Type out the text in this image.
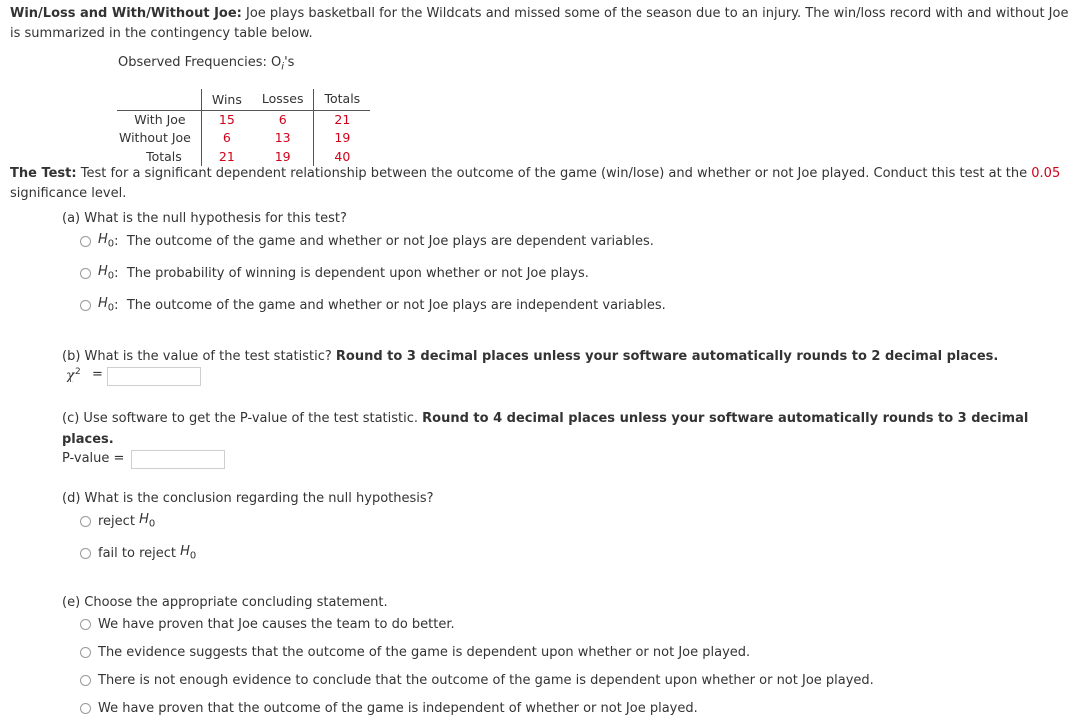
Win/Loss and With/Without Joe: Joe plays basketball for the Wildcats and missed some of the season due to an injury. The win/loss record with and without Joe is summarized in the contingency table below.
Observed Frequencies: $O_i's$
	Wins	Losses	Totals
With Joe	15	6	21
Without Joe	6	13	19
Totals	21	19	40
The Test: Test for a significant dependent relationship between the outcome of the game (win/lose) and whether or not Joe played. Conduct this test at the 0.05 significance level.
(a) What is the null hypothesis for this test?
$H_0$ :
The outcome of the game and whether or not Joe plays are dependent variables.
$H_0$ :
The probability of winning is dependent upon whether or not Joe plays.
$H_0$ :
The outcome of the game and whether or not Joe plays are independent variables.
(b) What is the value of the test statistic? Round to 3 decimal places unless your software automatically rounds to 2 decimal places.
χ 2 =
(c) Use software to get the P-value of the test statistic. Round to 4 decimal places unless your software automatically rounds to 3 decimal places.
P-value =
(d) What is the conclusion regarding the null hypothesis?
reject
$H_0$
fail to reject
$H_0$
(e) Choose the appropriate concluding statement.
We have proven that Joe causes the team to do better.
The evidence suggests that the outcome of the game is dependent upon whether or not Joe played.
There is not enough evidence to conclude that the outcome of the game is dependent upon whether or not Joe played.
We have proven that the outcome of the game is independent of whether or not Joe played.
